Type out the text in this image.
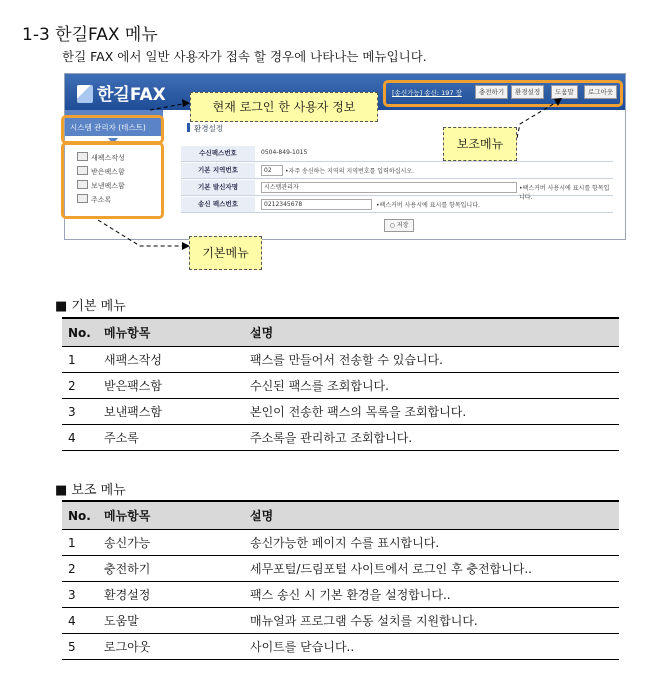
1-3 한길FAX 메뉴
한길 FAX 에서 일반 사용자가 접속 할 경우에 나타나는 메뉴입니다.
한길FAX	[송신가능] 송신: 197 장	충전하기	환경설정	도움말	로그아웃
시스템 관리자 (테스트)
새팩스작성
받은팩스함
보낸팩스함
주소록
환경설정
수신팩스번호	0504-849-1015
기본 지역번호	02	•자주 송신하는 지역의 지역번호를 입력하십시오.
기본 발신자명	시스템관리자	•팩스커버 사용시에 표시를 항목입니다.
송신 팩스번호	0212345678	•팩스커버 사용시에 표시를 항목입니다.
○ 저장
현재 로그인 한 사용자 정보
보조메뉴
기본메뉴
■ 기본 메뉴
No.	메뉴항목	설명
1	새팩스작성	팩스를 만들어서 전송할 수 있습니다.
2	받은팩스함	수신된 팩스를 조회합니다.
3	보낸팩스함	본인이 전송한 팩스의 목록을 조회합니다.
4	주소록	주소록을 관리하고 조회합니다.
■ 보조 메뉴
No.	메뉴항목	설명
1	송신가능	송신가능한 페이지 수를 표시합니다.
2	충전하기	세무포털/드림포털 사이트에서 로그인 후 충전합니다..
3	환경설정	팩스 송신 시 기본 환경을 설정합니다..
4	도움말	매뉴얼과 프로그램 수동 설치를 지원합니다.
5	로그아웃	사이트를 닫습니다..
